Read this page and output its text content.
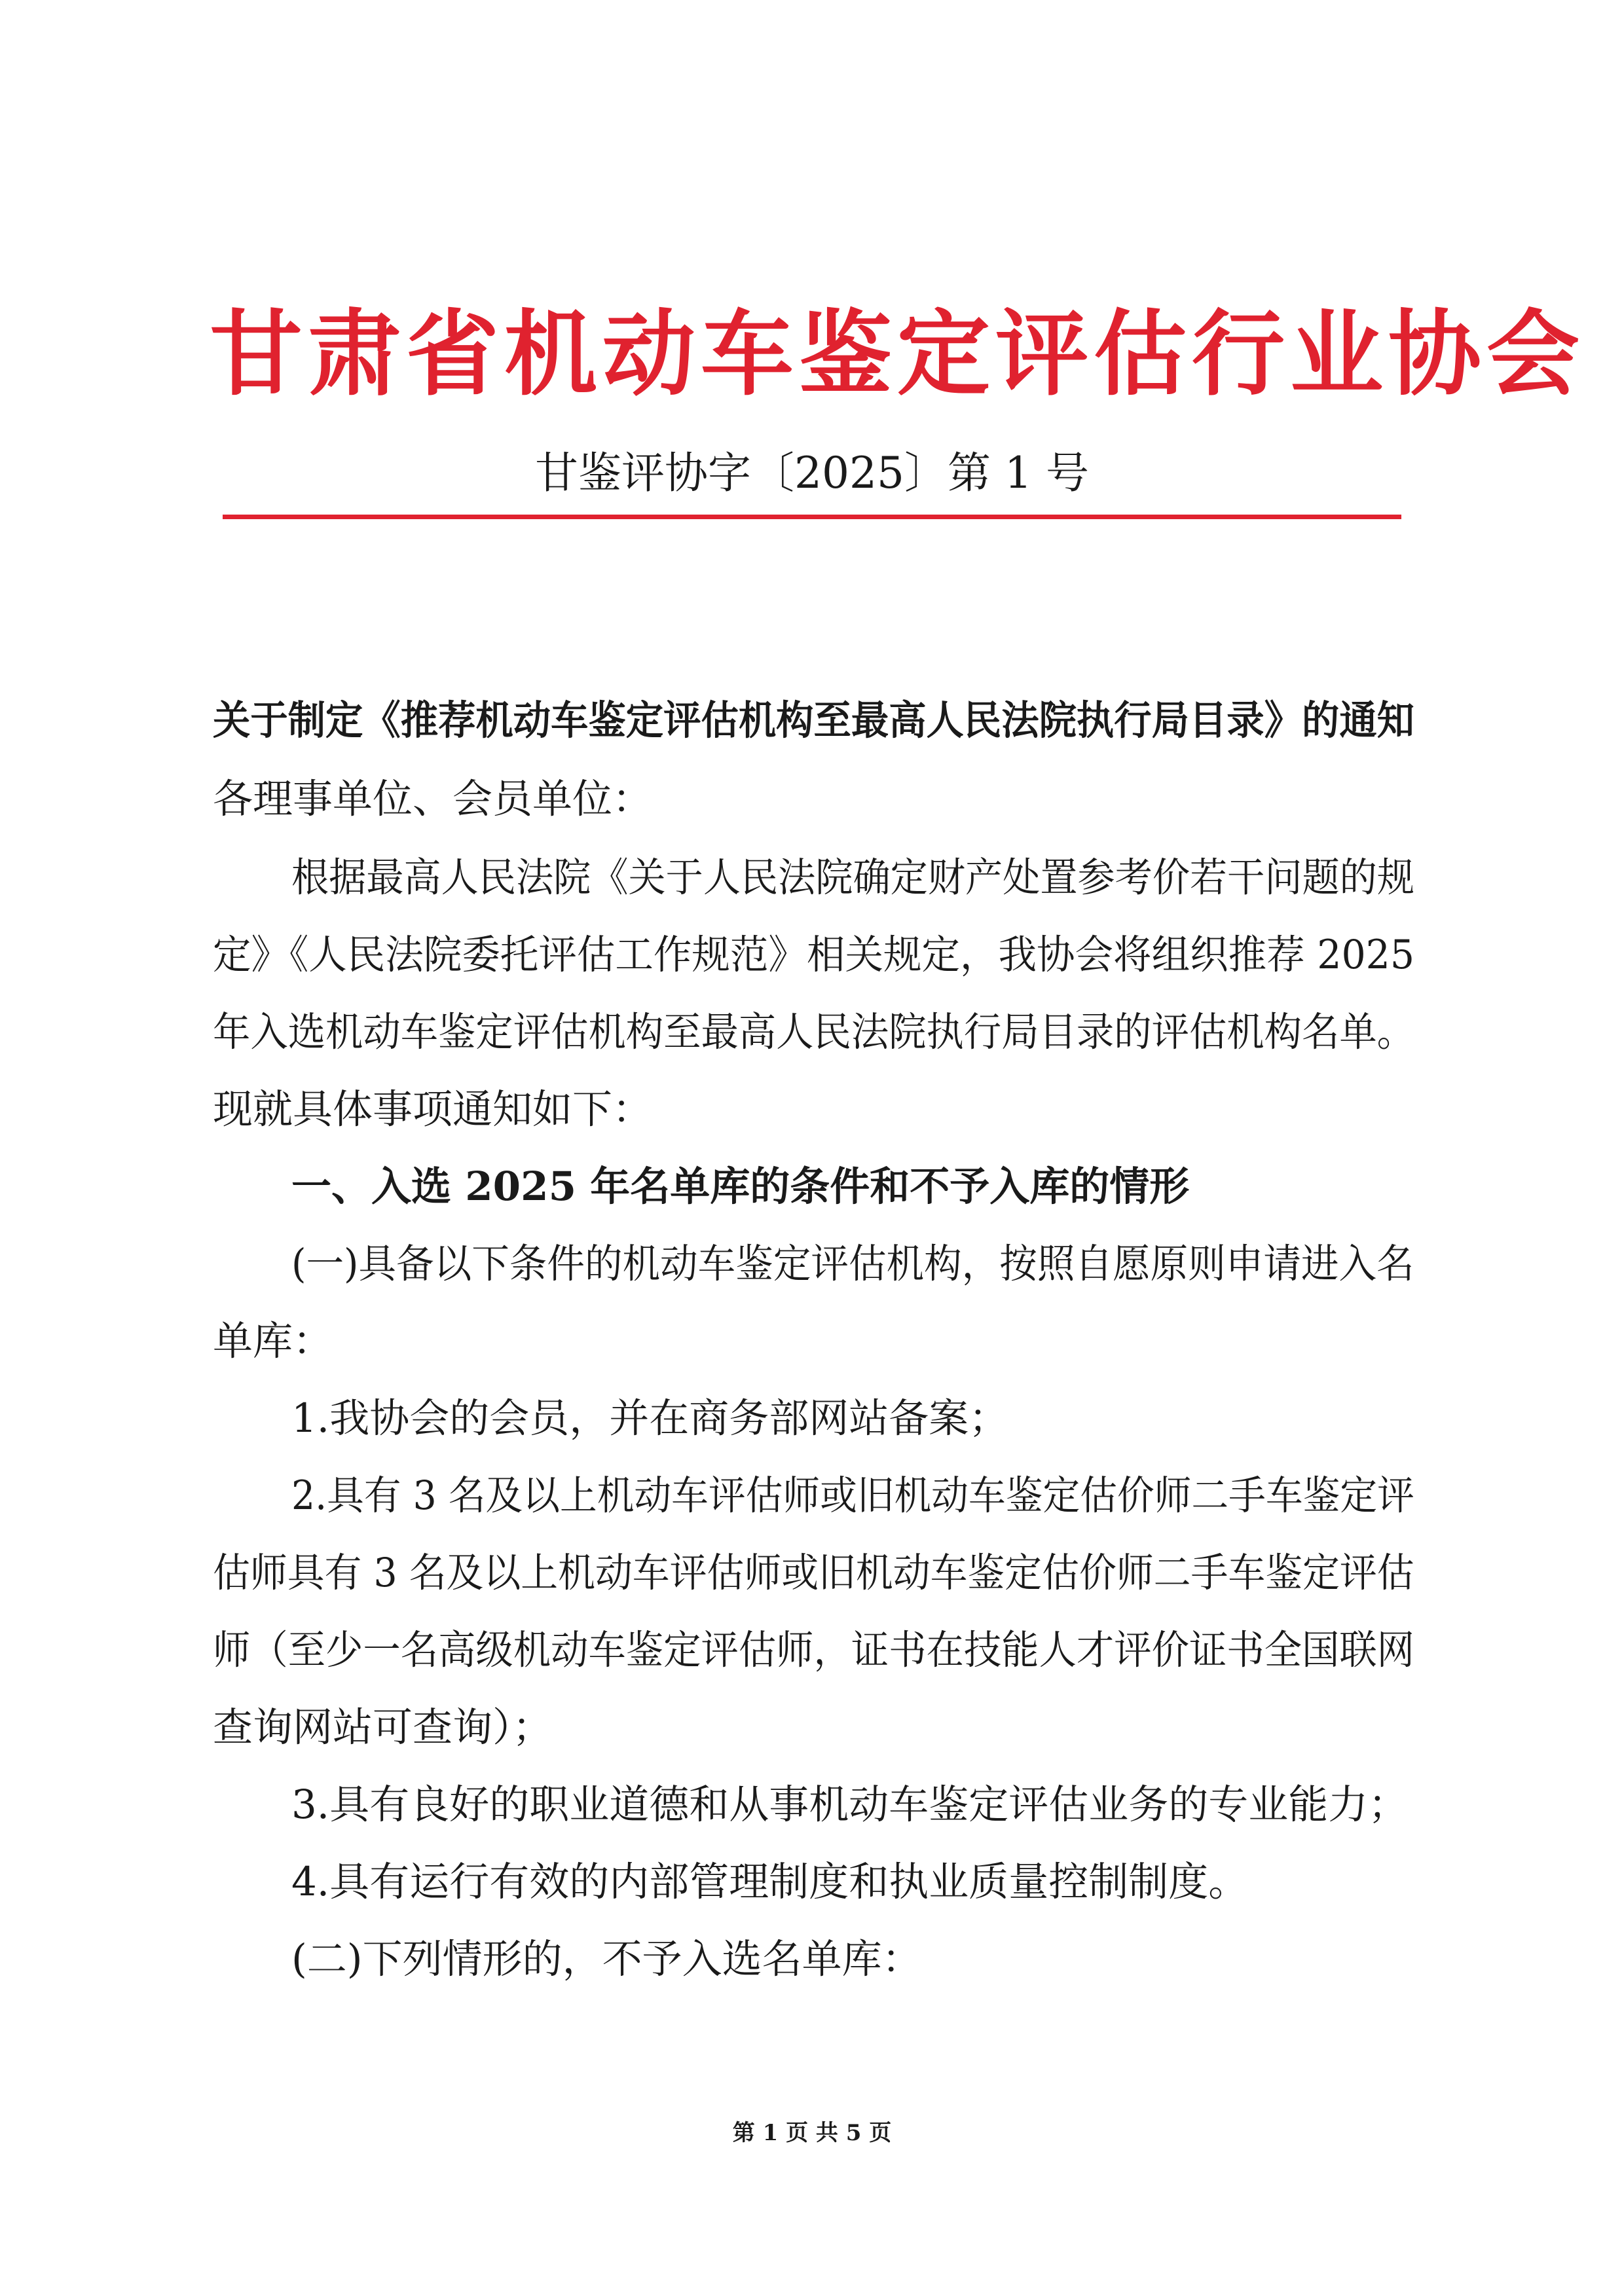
甘肃省机动车鉴定评估行业协会
甘鉴评协字〔2025〕第 1 号
关于制定《推荐机动车鉴定评估机构至最高人民法院执行局目录》的通知
各理事单位、会员单位：
根据最高人民法院《关于人民法院确定财产处置参考价若干问题的规
定》《人民法院委托评估工作规范》相关规定，我协会将组织推荐 2025
年入选机动车鉴定评估机构至最高人民法院执行局目录的评估机构名单。
现就具体事项通知如下：
一、入选 2025 年名单库的条件和不予入库的情形
(一)具备以下条件的机动车鉴定评估机构，按照自愿原则申请进入名
单库：
1.我协会的会员，并在商务部网站备案；
2.具有 3 名及以上机动车评估师或旧机动车鉴定估价师二手车鉴定评
估师具有 3 名及以上机动车评估师或旧机动车鉴定估价师二手车鉴定评估
师（至少一名高级机动车鉴定评估师，证书在技能人才评价证书全国联网
查询网站可查询）；
3.具有良好的职业道德和从事机动车鉴定评估业务的专业能力；
4.具有运行有效的内部管理制度和执业质量控制制度。
(二)下列情形的，不予入选名单库：
第 1 页 共 5 页
